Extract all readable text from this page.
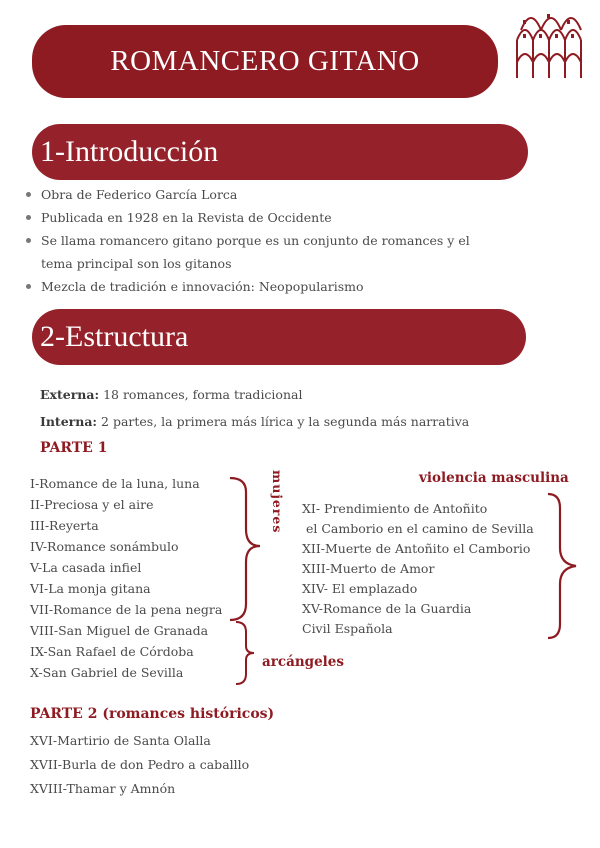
ROMANCERO GITANO
1-Introducción
Obra de Federico García Lorca
Publicada en 1928 en la Revista de Occidente
Se llama romancero gitano porque es un conjunto de romances y el
tema principal son los gitanos
Mezcla de tradición e innovación: Neopopularismo
2-Estructura
Externa: 18 romances, forma tradicional
Interna: 2 partes, la primera más lírica y la segunda más narrativa
PARTE 1
I-Romance de la luna, luna
II-Preciosa y el aire
III-Reyerta
IV-Romance sonámbulo
V-La casada infiel
VI-La monja gitana
VII-Romance de la pena negra
VIII-San Miguel de Granada
IX-San Rafael de Córdoba
X-San Gabriel de Sevilla
XI- Prendimiento de Antoñito
el Camborio en el camino de Sevilla
XII-Muerte de Antoñito el Camborio
XIII-Muerto de Amor
XIV- El emplazado
XV-Romance de la Guardia
Civil Española
mujeres	violencia masculina
arcángeles
PARTE 2 (romances históricos)
XVI-Martirio de Santa Olalla
XVII-Burla de don Pedro a caballlo
XVIII-Thamar y Amnón
